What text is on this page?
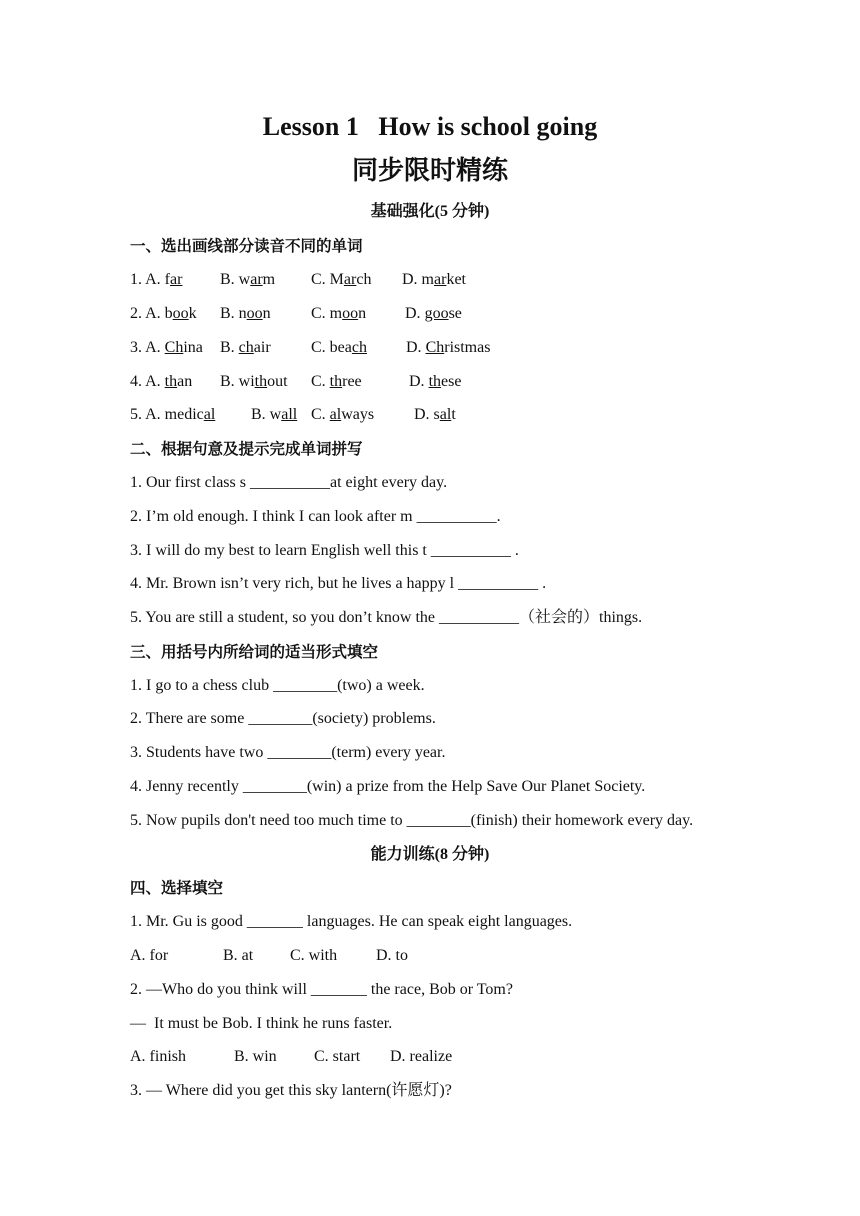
Lesson 1   How is school going
同步限时精练
基础强化(5 分钟)
一、选出画线部分读音不同的单词
1. A. far B. warm C. March D. market
2. A. book B. noon	C. moon D. goose
3. A. China B. chair	C. beach D. Christmas
4. A. than B. without C. three	D. these
5. A. medical B. wall C. always D. salt
二、根据句意及提示完成单词拼写
1. Our first class s __________at eight every day.
2. I’m old enough. I think I can look after m __________.
3. I will do my best to learn English well this t __________ .
4. Mr. Brown isn’t very rich, but he lives a happy l __________ .
5. You are still a student, so you don’t know the __________（社会的）things.
三、用括号内所给词的适当形式填空
1. I go to a chess club ________(two) a week.
2. There are some ________(society) problems.
3. Students have two ________(term) every year.
4. Jenny recently ________(win) a prize from the Help Save Our Planet Society.
5. Now pupils don't need too much time to ________(finish) their homework every day.
能力训练(8 分钟)
四、选择填空
1. Mr. Gu is good _______ languages. He can speak eight languages.
A. for	B. at C. with D. to
2. —Who do you think will _______ the race, Bob or Tom?
—  It must be Bob. I think he runs faster.
A. finish	B. win C. start D. realize
3. — Where did you get this sky lantern(许愿灯)?
